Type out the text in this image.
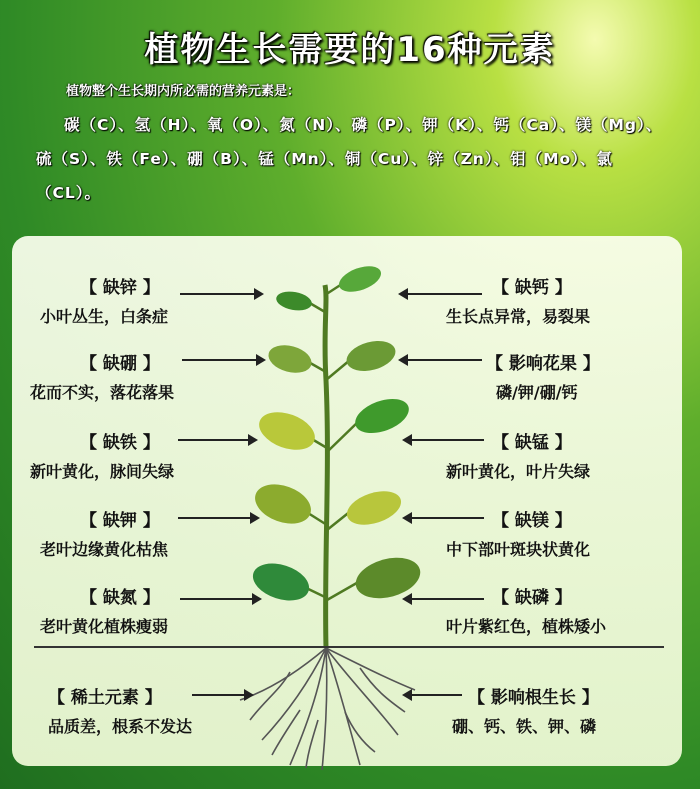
植物生长需要的16种元素
植物整个生长期内所必需的营养元素是：
碳（C）、氢（H）、氧（O）、氮（N）、磷（P）、钾（K）、钙（Ca）、镁（Mg）、硫（S）、铁（Fe）、硼（B）、锰（Mn）、铜（Cu）、锌（Zn）、钼（Mo）、氯（CL）。
【 缺锌 】
小叶丛生，白条症
【 缺硼 】
花而不实，落花落果
【 缺铁 】
新叶黄化，脉间失绿
【 缺钾 】
老叶边缘黄化枯焦
【 缺氮 】
老叶黄化植株瘦弱
【 缺钙 】
生长点异常，易裂果
【 影响花果 】
磷/钾/硼/钙
【 缺锰 】
新叶黄化，叶片失绿
【 缺镁 】
中下部叶斑块状黄化
【 缺磷 】
叶片紫红色，植株矮小
【 稀土元素 】
品质差，根系不发达
【 影响根生长 】
硼、钙、铁、钾、磷
